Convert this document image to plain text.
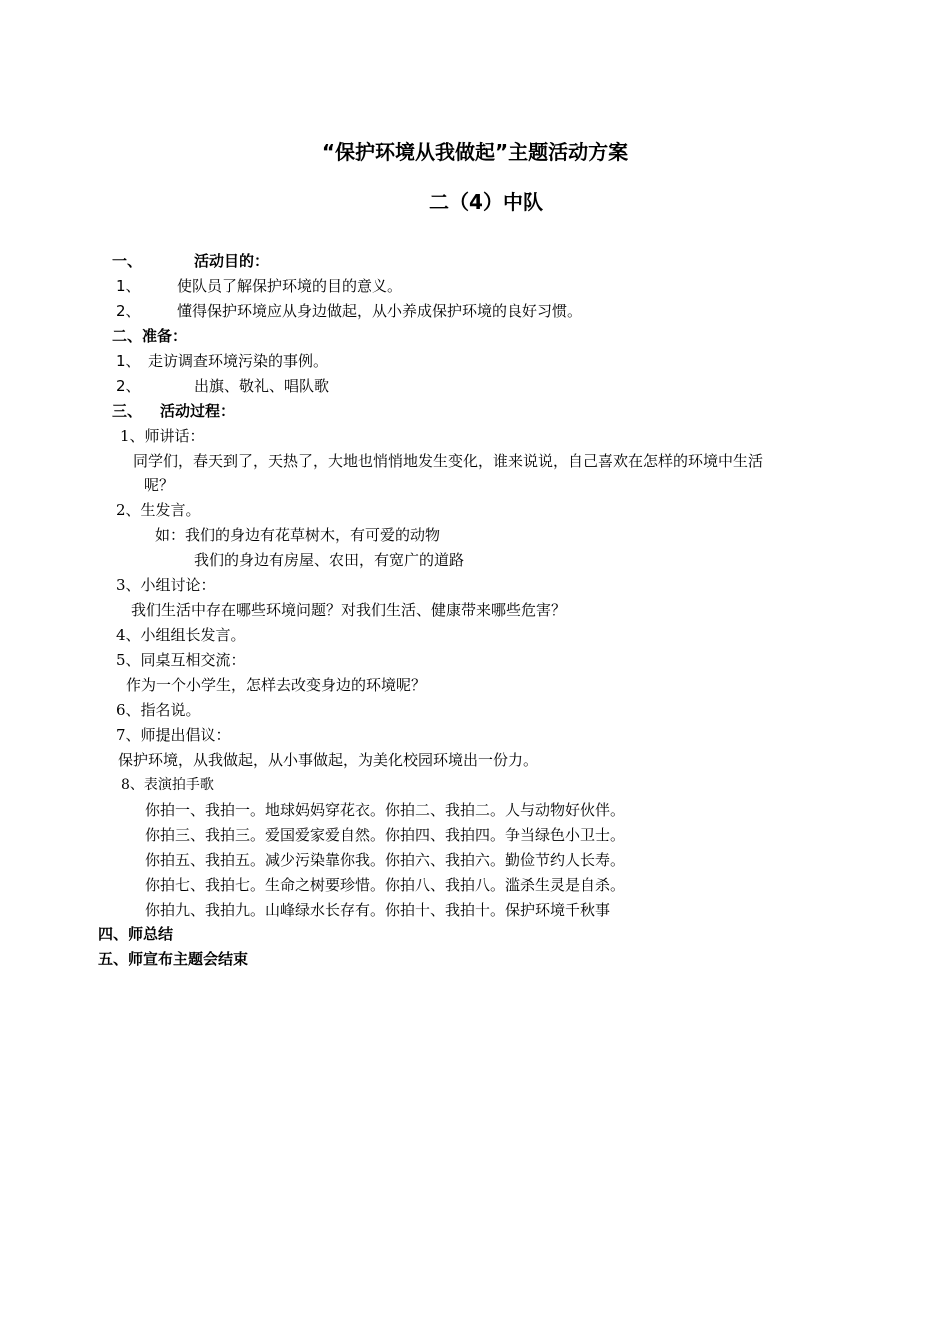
“保护环境从我做起”主题活动方案
二（4）中队
一、	活动目的：
1、 使队员了解保护环境的目的意义。
2、 懂得保护环境应从身边做起，从小养成保护环境的良好习惯。
二、准备：
1、 走访调查环境污染的事例。
2、	出旗、敬礼、唱队歌
三、 活动过程：
1、师讲话：
同学们，春天到了，天热了，大地也悄悄地发生变化，谁来说说，自己喜欢在怎样的环境中生活
呢？
2、生发言。
如：我们的身边有花草树木，有可爱的动物
我们的身边有房屋、农田，有宽广的道路
3、小组讨论：
我们生活中存在哪些环境问题？对我们生活、健康带来哪些危害？
4、小组组长发言。
5、同桌互相交流：
作为一个小学生，怎样去改变身边的环境呢？
6、指名说。
7、师提出倡议：
保护环境，从我做起，从小事做起，为美化校园环境出一份力。
8、表演拍手歌
你拍一、我拍一。地球妈妈穿花衣。你拍二、我拍二。人与动物好伙伴。
你拍三、我拍三。爱国爱家爱自然。你拍四、我拍四。争当绿色小卫士。
你拍五、我拍五。减少污染靠你我。你拍六、我拍六。勤俭节约人长寿。
你拍七、我拍七。生命之树要珍惜。你拍八、我拍八。滥杀生灵是自杀。
你拍九、我拍九。山峰绿水长存有。你拍十、我拍十。保护环境千秋事
四、师总结
五、师宣布主题会结束
